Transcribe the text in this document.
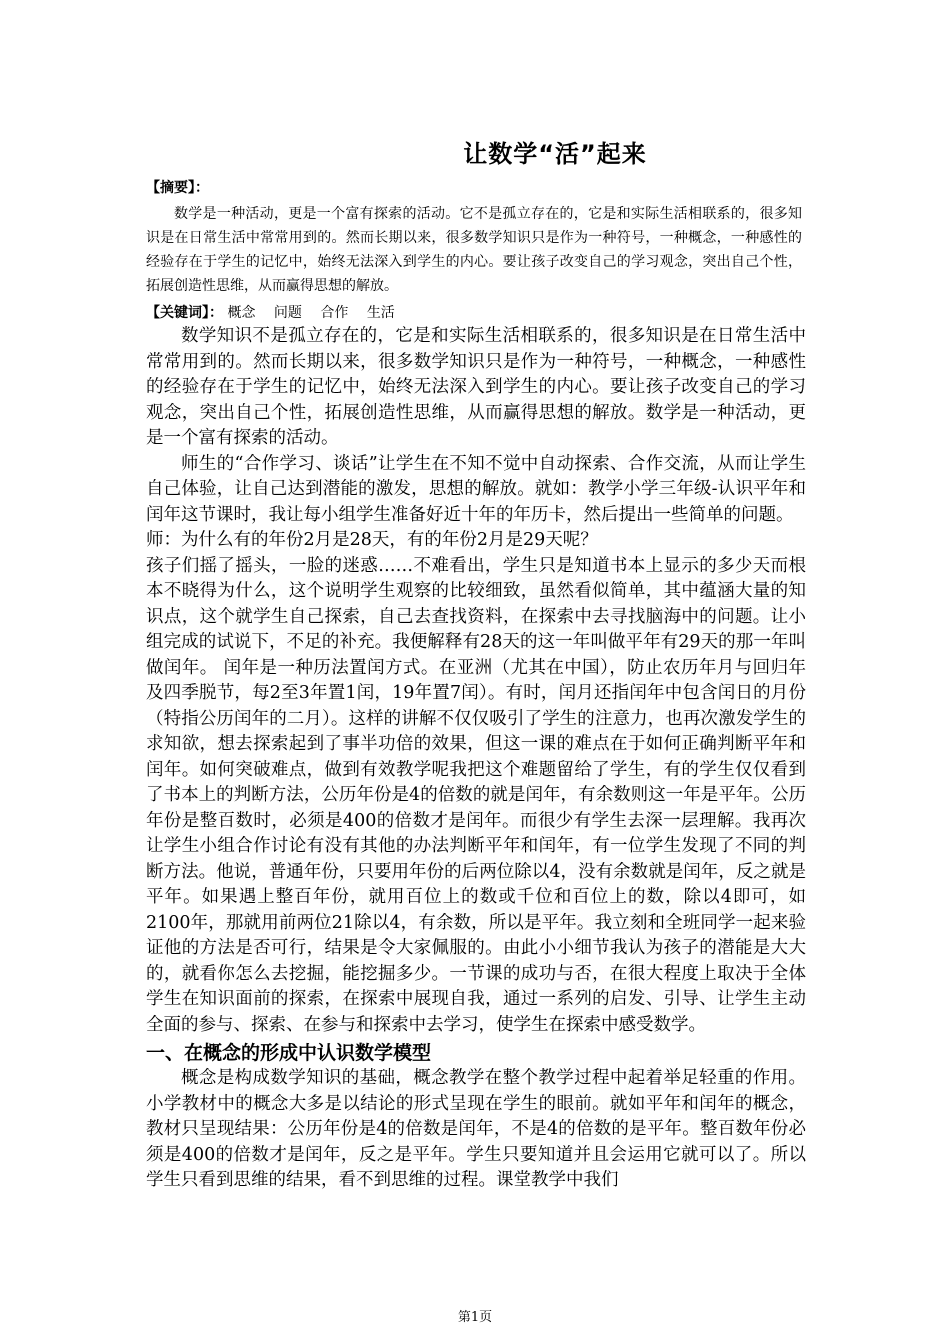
让数学“活”起来
【摘要】：

数学是一种活动，更是一个富有探索的活动。它不是孤立存在的，它是和实际生活相联系的，很多知识是在日常生活中常常用到的。然而长期以来，很多数学知识只是作为一种符号，一种概念，一种感性的经验存在于学生的记忆中，始终无法深入到学生的内心。要让孩子改变自己的学习观念，突出自己个性，拓展创造性思维，从而赢得思想的解放。

【关键词】： 概念 问题 合作 生活

数学知识不是孤立存在的，它是和实际生活相联系的，很多知识是在日常生活中常常用到的。然而长期以来，很多数学知识只是作为一种符号，一种概念，一种感性的经验存在于学生的记忆中，始终无法深入到学生的内心。要让孩子改变自己的学习观念，突出自己个性，拓展创造性思维，从而赢得思想的解放。数学是一种活动，更是一个富有探索的活动。

师生的“合作学习、谈话”让学生在不知不觉中自动探索、合作交流，从而让学生自己体验，让自己达到潜能的激发，思想的解放。就如：教学小学三年级-认识平年和闰年这节课时，我让每小组学生准备好近十年的年历卡，然后提出一些简单的问题。

师：为什么有的年份2月是28天，有的年份2月是29天呢？

孩子们摇了摇头，一脸的迷惑……不难看出，学生只是知道书本上显示的多少天而根本不晓得为什么，这个说明学生观察的比较细致，虽然看似简单，其中蕴涵大量的知识点，这个就学生自己探索，自己去查找资料，在探索中去寻找脑海中的问题。让小组完成的试说下，不足的补充。我便解释有28天的这一年叫做平年有29天的那一年叫做闰年。 闰年是一种历法置闰方式。在亚洲（尤其在中国），防止农历年月与回归年及四季脱节，每2至3年置1闰，19年置7闰）。有时，闰月还指闰年中包含闰日的月份（特指公历闰年的二月）。这样的讲解不仅仅吸引了学生的注意力，也再次激发学生的求知欲，想去探索起到了事半功倍的效果，但这一课的难点在于如何正确判断平年和闰年。如何突破难点，做到有效教学呢我把这个难题留给了学生，有的学生仅仅看到了书本上的判断方法，公历年份是4的倍数的就是闰年，有余数则这一年是平年。公历年份是整百数时，必须是400的倍数才是闰年。而很少有学生去深一层理解。我再次让学生小组合作讨论有没有其他的办法判断平年和闰年，有一位学生发现了不同的判断方法。他说，普通年份，只要用年份的后两位除以4，没有余数就是闰年，反之就是平年。如果遇上整百年份，就用百位上的数或千位和百位上的数，除以4即可，如2100年，那就用前两位21除以4，有余数，所以是平年。我立刻和全班同学一起来验证他的方法是否可行，结果是令大家佩服的。由此小小细节我认为孩子的潜能是大大的，就看你怎么去挖掘，能挖掘多少。一节课的成功与否，在很大程度上取决于全体学生在知识面前的探索，在探索中展现自我，通过一系列的启发、引导、让学生主动全面的参与、探索、在参与和探索中去学习，使学生在探索中感受数学。

一、在概念的形成中认识数学模型

概念是构成数学知识的基础，概念教学在整个教学过程中起着举足轻重的作用。小学教材中的概念大多是以结论的形式呈现在学生的眼前。就如平年和闰年的概念，教材只呈现结果：公历年份是4的倍数是闰年，不是4的倍数的是平年。整百数年份必须是400的倍数才是闰年，反之是平年。学生只要知道并且会运用它就可以了。所以学生只看到思维的结果，看不到思维的过程。课堂教学中我们

第1页
